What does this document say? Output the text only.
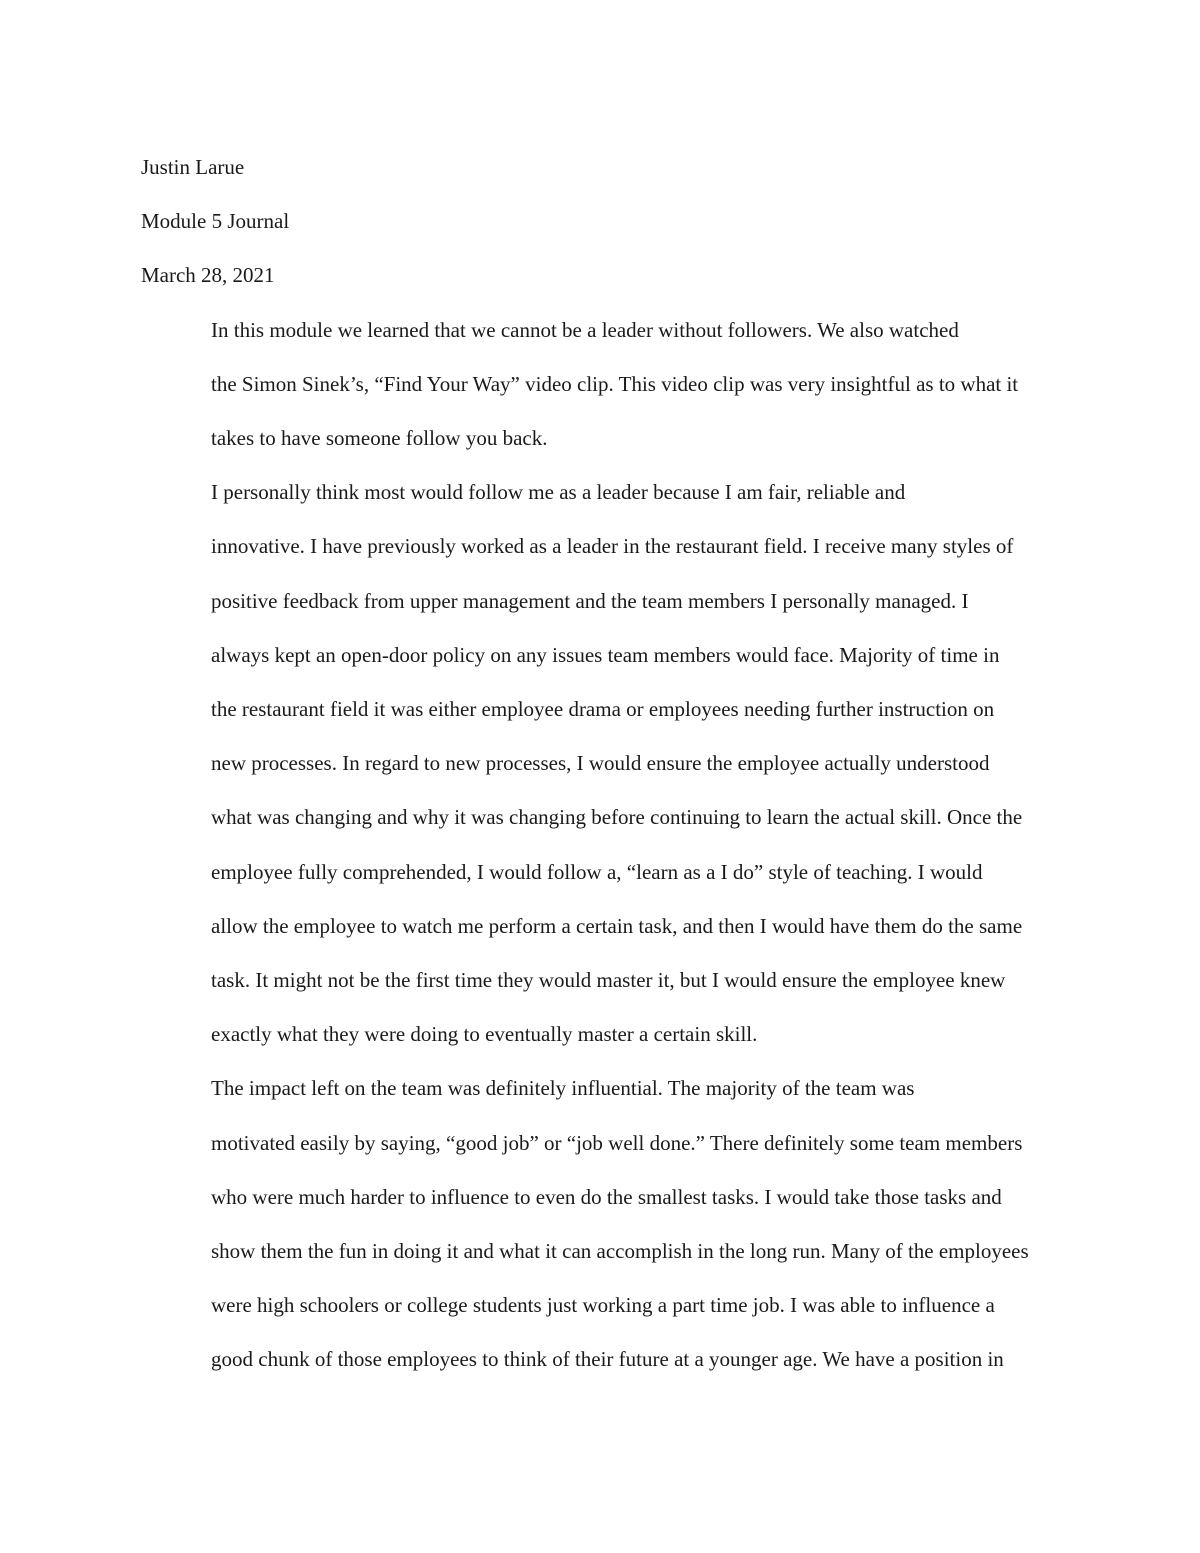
Justin Larue

Module 5 Journal

March 28, 2021

In this module we learned that we cannot be a leader without followers. We also watched
the Simon Sinek’s, “Find Your Way” video clip. This video clip was very insightful as to what it
takes to have someone follow you back.

I personally think most would follow me as a leader because I am fair, reliable and
innovative. I have previously worked as a leader in the restaurant field. I receive many styles of
positive feedback from upper management and the team members I personally managed. I
always kept an open-door policy on any issues team members would face. Majority of time in
the restaurant field it was either employee drama or employees needing further instruction on
new processes. In regard to new processes, I would ensure the employee actually understood
what was changing and why it was changing before continuing to learn the actual skill. Once the
employee fully comprehended, I would follow a, “learn as a I do” style of teaching. I would
allow the employee to watch me perform a certain task, and then I would have them do the same
task. It might not be the first time they would master it, but I would ensure the employee knew
exactly what they were doing to eventually master a certain skill.

The impact left on the team was definitely influential. The majority of the team was
motivated easily by saying, “good job” or “job well done.” There definitely some team members
who were much harder to influence to even do the smallest tasks. I would take those tasks and
show them the fun in doing it and what it can accomplish in the long run. Many of the employees
were high schoolers or college students just working a part time job. I was able to influence a
good chunk of those employees to think of their future at a younger age. We have a position in
